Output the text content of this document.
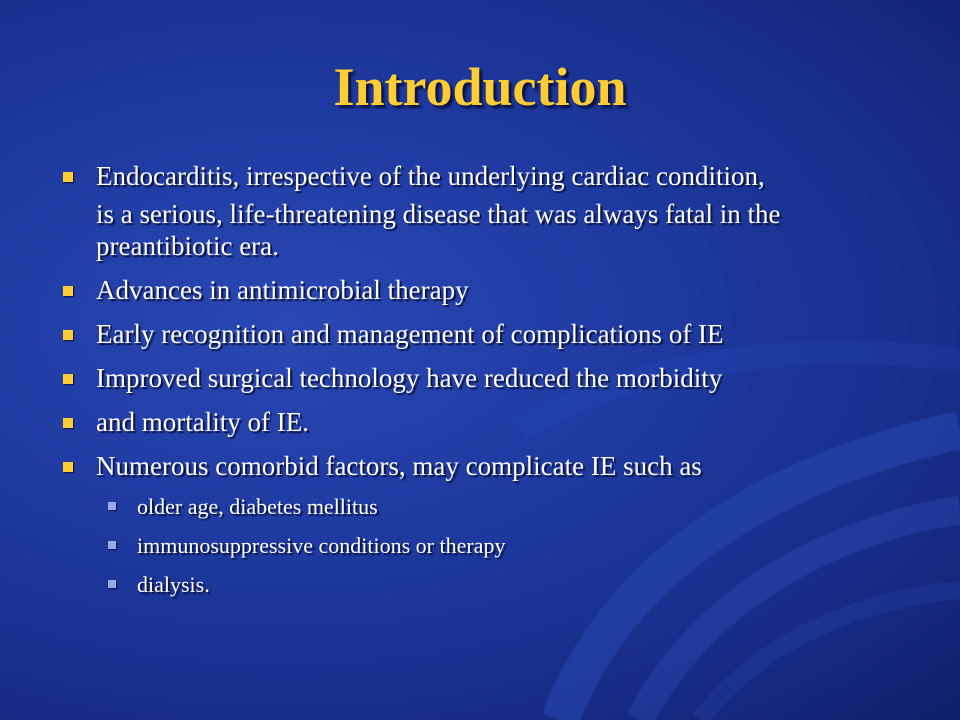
Introduction
Endocarditis, irrespective of the underlying cardiac condition,
is a serious, life-threatening disease that was always fatal in the preantibiotic era.
Advances in antimicrobial therapy
Early recognition and management of complications of IE
Improved surgical technology have reduced the morbidity
and mortality of IE.
Numerous comorbid factors, may complicate IE such as
older age, diabetes mellitus
immunosuppressive conditions or therapy
dialysis.
